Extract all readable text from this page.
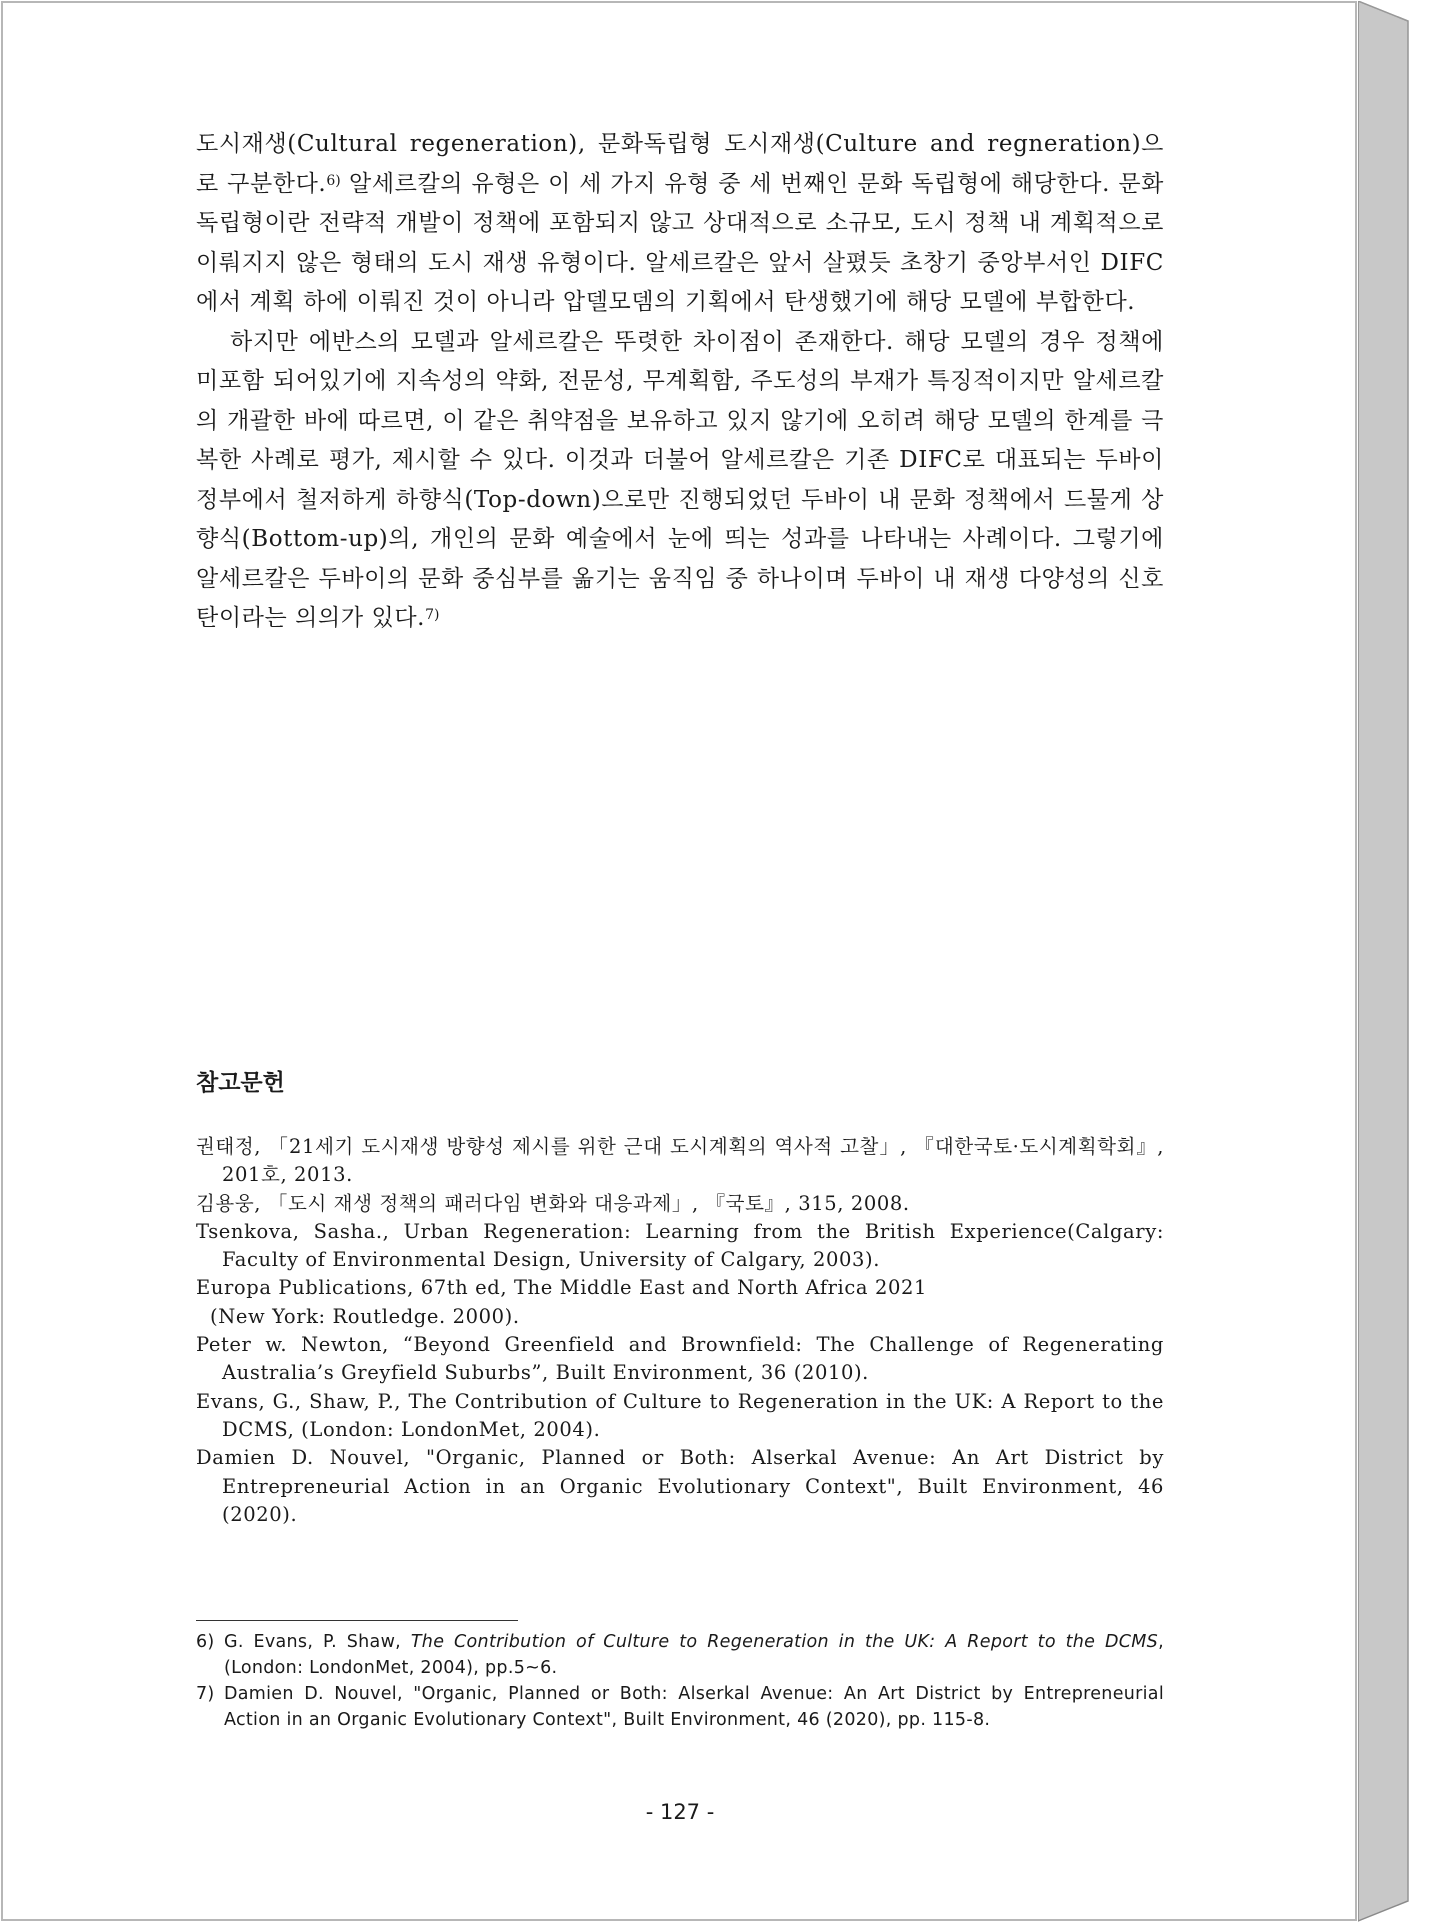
도시재생(Cultural regeneration), 문화독립형 도시재생(Culture and regneration)으로 구분한다.$^{6)}$ 알세르칼의 유형은 이 세 가지 유형 중 세 번째인 문화 독립형에 해당한다. 문화 독립형이란 전략적 개발이 정책에 포함되지 않고 상대적으로 소규모, 도시 정책 내 계획적으로 이뤄지지 않은 형태의 도시 재생 유형이다. 알세르칼은 앞서 살폈듯 초창기 중앙부서인 DIFC에서 계획 하에 이뤄진 것이 아니라 압델모뎀의 기획에서 탄생했기에 해당 모델에 부합한다.

하지만 에반스의 모델과 알세르칼은 뚜렷한 차이점이 존재한다. 해당 모델의 경우 정책에 미포함 되어있기에 지속성의 약화, 전문성, 무계획함, 주도성의 부재가 특징적이지만 알세르칼의 개괄한 바에 따르면, 이 같은 취약점을 보유하고 있지 않기에 오히려 해당 모델의 한계를 극복한 사례로 평가, 제시할 수 있다. 이것과 더불어 알세르칼은 기존 DIFC로 대표되는 두바이 정부에서 철저하게 하향식(Top-down)으로만 진행되었던 두바이 내 문화 정책에서 드물게 상향식(Bottom-up)의, 개인의 문화 예술에서 눈에 띄는 성과를 나타내는 사례이다. 그렇기에 알세르칼은 두바이의 문화 중심부를 옮기는 움직임 중 하나이며 두바이 내 재생 다양성의 신호탄이라는 의의가 있다.$^{7)}$

참고문헌
권태정, 「21세기 도시재생 방향성 제시를 위한 근대 도시계획의 역사적 고찰」, 『대한국토·도시계획학회』, 201호, 2013.
김용웅, 「도시 재생 정책의 패러다임 변화와 대응과제」, 『국토』, 315, 2008.
Tsenkova, Sasha., Urban Regeneration: Learning from the British Experience(Calgary: Faculty of Environmental Design, University of Calgary, 2003).
Europa Publications, 67th ed, The Middle East and North Africa 2021
(New York: Routledge. 2000).
Peter w. Newton, “Beyond Greenfield and Brownfield: The Challenge of Regenerating Australia’s Greyfield Suburbs”, Built Environment, 36 (2010).
Evans, G., Shaw, P., The Contribution of Culture to Regeneration in the UK: A Report to the DCMS, (London: LondonMet, 2004).
Damien D. Nouvel, "Organic, Planned or Both: Alserkal Avenue: An Art District by Entrepreneurial Action in an Organic Evolutionary Context", Built Environment, 46 (2020).
6) G. Evans, P. Shaw, The Contribution of Culture to Regeneration in the UK: A Report to the DCMS, (London: LondonMet, 2004), pp.5~6.
7) Damien D. Nouvel, "Organic, Planned or Both: Alserkal Avenue: An Art District by Entrepreneurial Action in an Organic Evolutionary Context", Built Environment, 46 (2020), pp. 115-8.
- 127 -
